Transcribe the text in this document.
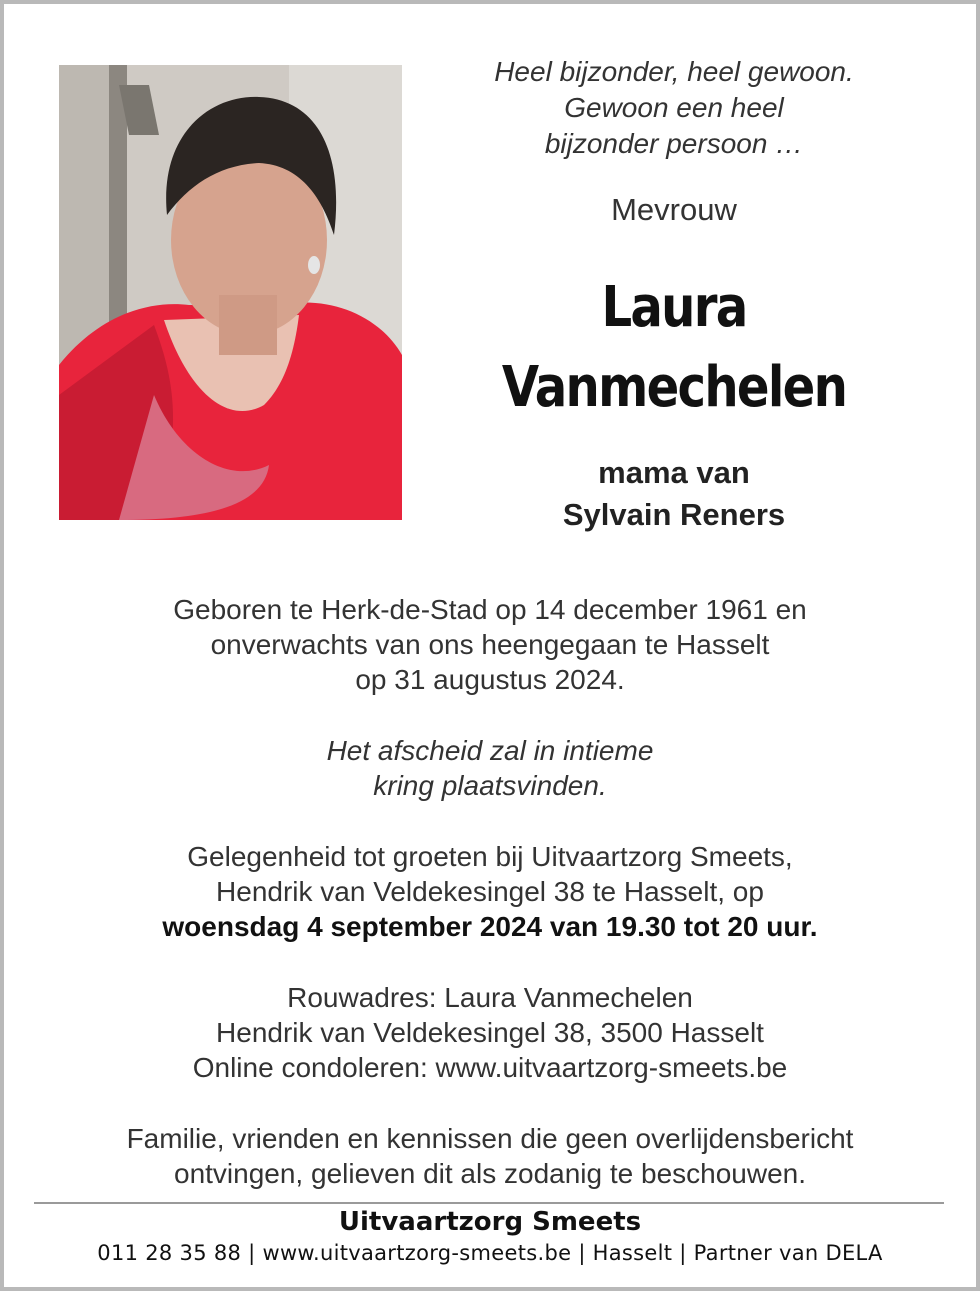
Heel bijzonder, heel gewoon.
Gewoon een heel
bijzonder persoon …
Mevrouw
Laura
Vanmechelen
mama van
Sylvain Reners
Geboren te Herk-de-Stad op 14 december 1961 en
onverwachts van ons heengegaan te Hasselt
op 31 augustus 2024.
Het afscheid zal in intieme
kring plaatsvinden.
Gelegenheid tot groeten bij Uitvaartzorg Smeets,
Hendrik van Veldekesingel 38 te Hasselt, op
woensdag 4 september 2024 van 19.30 tot 20 uur.
Rouwadres: Laura Vanmechelen
Hendrik van Veldekesingel 38, 3500 Hasselt
Online condoleren: www.uitvaartzorg-smeets.be
Familie, vrienden en kennissen die geen overlijdensbericht
ontvingen, gelieven dit als zodanig te beschouwen.
Uitvaartzorg Smeets
011 28 35 88 | www.uitvaartzorg-smeets.be | Hasselt | Partner van DELA
